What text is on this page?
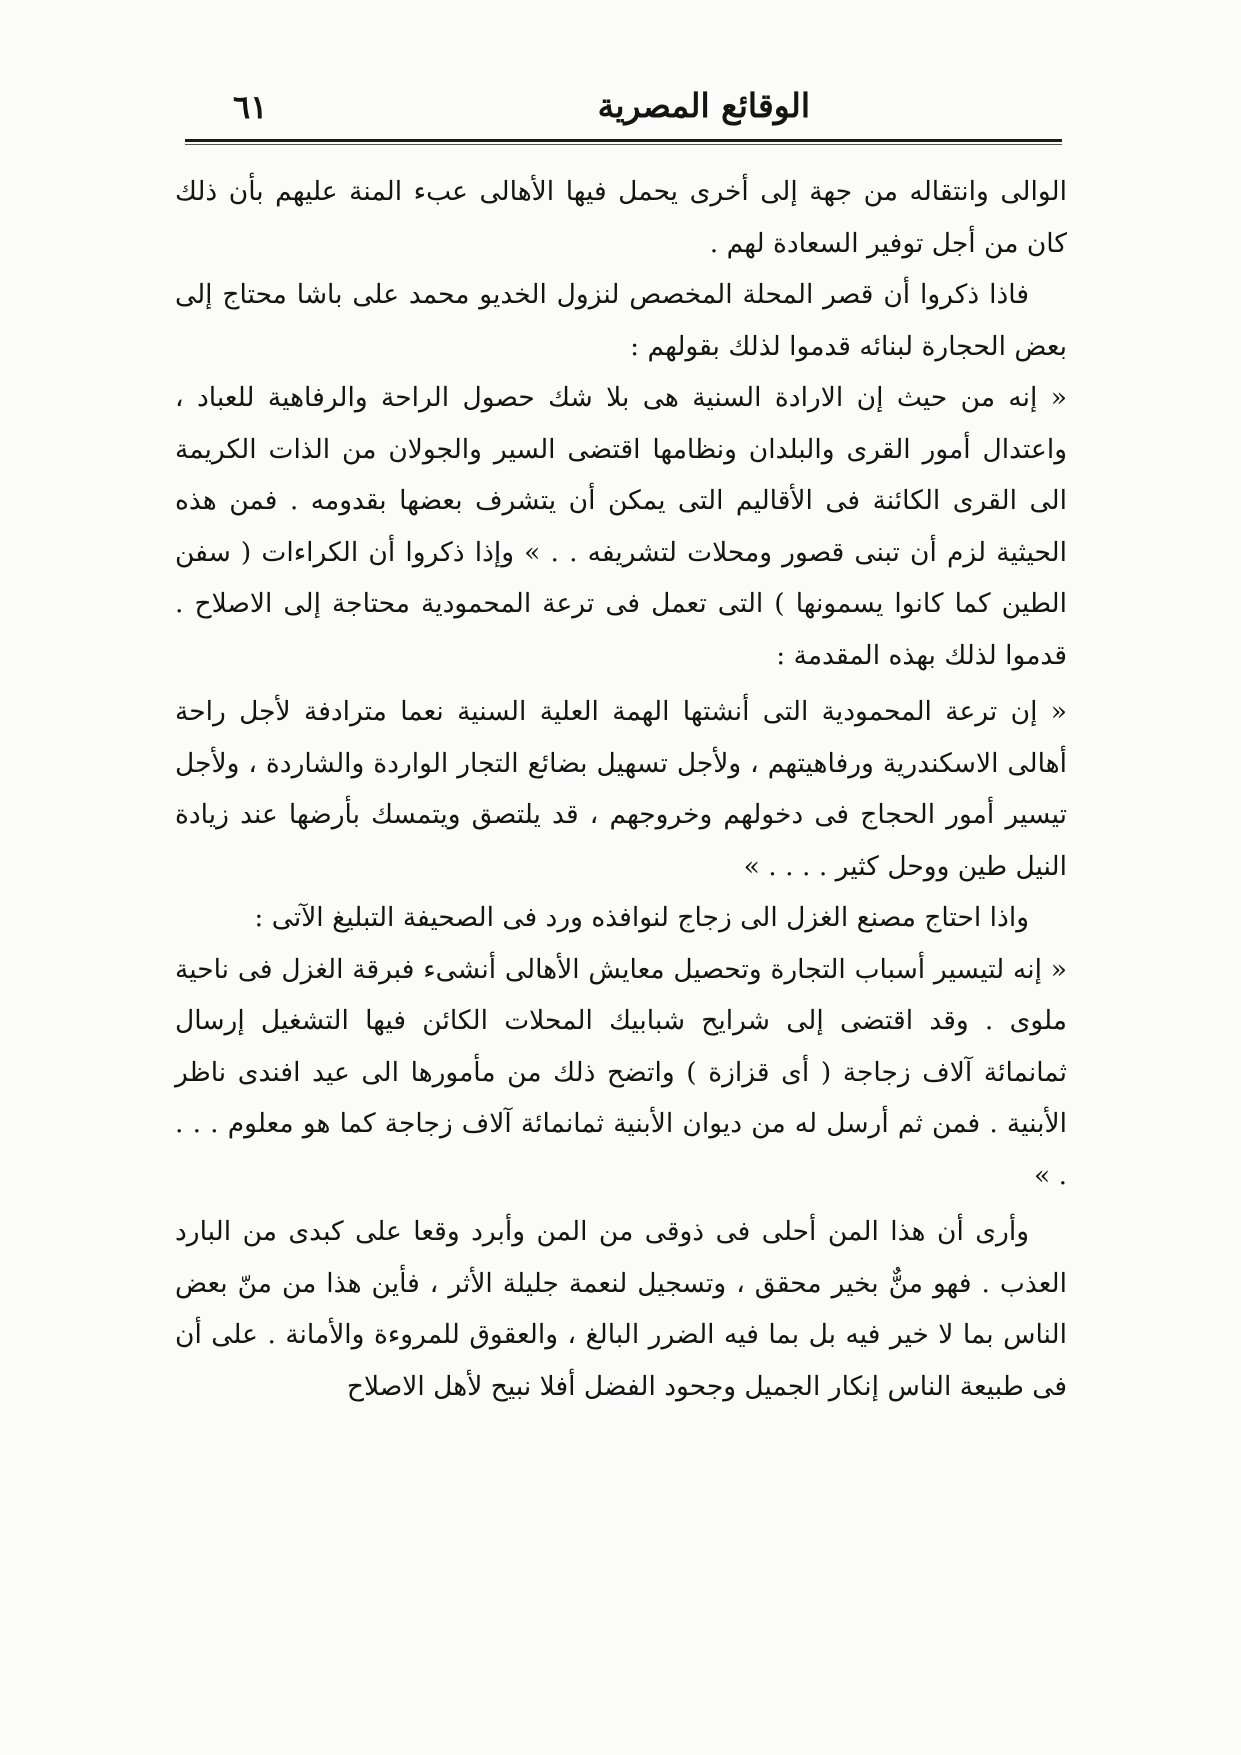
الوقائع المصرية
٦١

الوالى وانتقاله من جهة إلى أخرى يحمل فيها الأهالى عبء المنة عليهم بأن ذلك كان من أجل توفير السعادة لهم .

فاذا ذكروا أن قصر المحلة المخصص لنزول الخديو محمد على باشا محتاج إلى بعض الحجارة لبنائه قدموا لذلك بقولهم :

« إنه من حيث إن الارادة السنية هى بلا شك حصول الراحة والرفاهية للعباد ، واعتدال أمور القرى والبلدان ونظامها اقتضى السير والجولان من الذات الكريمة الى القرى الكائنة فى الأقاليم التى يمكن أن يتشرف بعضها بقدومه . فمن هذه الحيثية لزم أن تبنى قصور ومحلات لتشريفه . . » وإذا ذكروا أن الكراءات ( سفن الطين كما كانوا يسمونها ) التى تعمل فى ترعة المحمودية محتاجة إلى الاصلاح . قدموا لذلك بهذه المقدمة :

« إن ترعة المحمودية التى أنشتها الهمة العلية السنية نعما مترادفة لأجل راحة أهالى الاسكندرية ورفاهيتهم ، ولأجل تسهيل بضائع التجار الواردة والشاردة ، ولأجل تيسير أمور الحجاج فى دخولهم وخروجهم ، قد يلتصق ويتمسك بأرضها عند زيادة النيل طين ووحل كثير . . . . »

واذا احتاج مصنع الغزل الى زجاج لنوافذه ورد فى الصحيفة التبليغ الآتى :

« إنه لتيسير أسباب التجارة وتحصيل معايش الأهالى أنشىء فبرقة الغزل فى ناحية ملوى . وقد اقتضى إلى شرايح شبابيك المحلات الكائن فيها التشغيل إرسال ثمانمائة آلاف زجاجة ( أى قزازة ) واتضح ذلك من مأمورها الى عيد افندى ناظر الأبنية . فمن ثم أرسل له من ديوان الأبنية ثمانمائة آلاف زجاجة كما هو معلوم . . . . »

وأرى أن هذا المن أحلى فى ذوقى من المن وأبرد وقعا على كبدى من البارد العذب . فهو منٌّ بخير محقق ، وتسجيل لنعمة جليلة الأثر ، فأين هذا من منّ بعض الناس بما لا خير فيه بل بما فيه الضرر البالغ ، والعقوق للمروءة والأمانة . على أن فى طبيعة الناس إنكار الجميل وجحود الفضل أفلا نبيح لأهل الاصلاح
